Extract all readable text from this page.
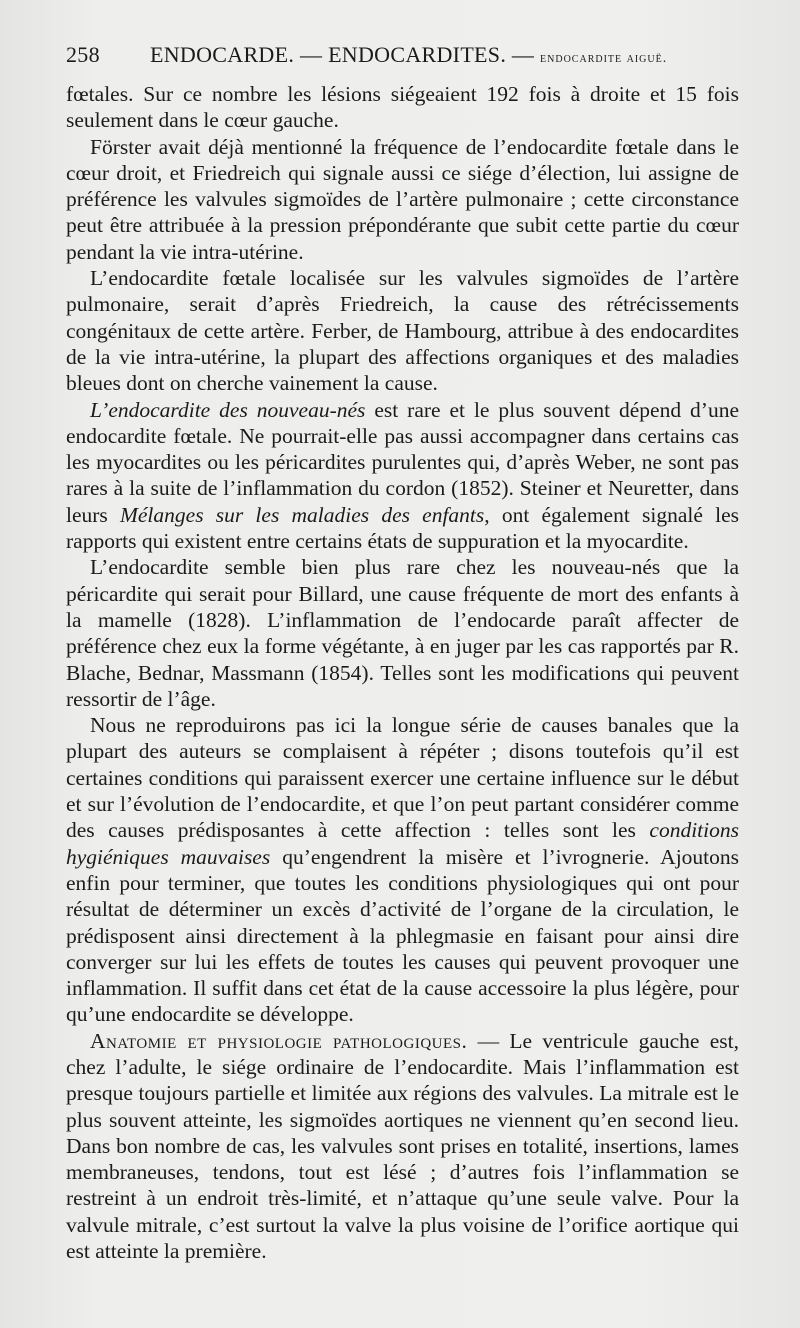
258 ENDOCARDE. — ENDOCARDITES. — endocardite aiguë.

fœtales. Sur ce nombre les lésions siégeaient 192 fois à droite et 15 fois seulement dans le cœur gauche.

Förster avait déjà mentionné la fréquence de l’endocardite fœtale dans le cœur droit, et Friedreich qui signale aussi ce siége d’élection, lui assigne de préférence les valvules sigmoïdes de l’artère pulmonaire ; cette circonstance peut être attribuée à la pression prépondérante que subit cette partie du cœur pendant la vie intra-utérine.

L’endocardite fœtale localisée sur les valvules sigmoïdes de l’artère pulmonaire, serait d’après Friedreich, la cause des rétrécissements congénitaux de cette artère. Ferber, de Hambourg, attribue à des endocardites de la vie intra-utérine, la plupart des affections organiques et des maladies bleues dont on cherche vainement la cause.

L’endocardite des nouveau-nés est rare et le plus souvent dépend d’une endocardite fœtale. Ne pourrait-elle pas aussi accompagner dans certains cas les myocardites ou les péricardites purulentes qui, d’après Weber, ne sont pas rares à la suite de l’inflammation du cordon (1852). Steiner et Neuretter, dans leurs Mélanges sur les maladies des enfants, ont également signalé les rapports qui existent entre certains états de suppuration et la myocardite.

L’endocardite semble bien plus rare chez les nouveau-nés que la péricardite qui serait pour Billard, une cause fréquente de mort des enfants à la mamelle (1828). L’inflammation de l’endocarde paraît affecter de préférence chez eux la forme végétante, à en juger par les cas rapportés par R. Blache, Bednar, Massmann (1854). Telles sont les modifications qui peuvent ressortir de l’âge.

Nous ne reproduirons pas ici la longue série de causes banales que la plupart des auteurs se complaisent à répéter ; disons toutefois qu’il est certaines conditions qui paraissent exercer une certaine influence sur le début et sur l’évolution de l’endocardite, et que l’on peut partant considérer comme des causes prédisposantes à cette affection : telles sont les conditions hygiéniques mauvaises qu’engendrent la misère et l’ivrognerie. Ajoutons enfin pour terminer, que toutes les conditions physiologiques qui ont pour résultat de déterminer un excès d’activité de l’organe de la circulation, le prédisposent ainsi directement à la phlegmasie en faisant pour ainsi dire converger sur lui les effets de toutes les causes qui peuvent provoquer une inflammation. Il suffit dans cet état de la cause accessoire la plus légère, pour qu’une endocardite se développe.

Anatomie et physiologie pathologiques. — Le ventricule gauche est, chez l’adulte, le siége ordinaire de l’endocardite. Mais l’inflammation est presque toujours partielle et limitée aux régions des valvules. La mitrale est le plus souvent atteinte, les sigmoïdes aortiques ne viennent qu’en second lieu. Dans bon nombre de cas, les valvules sont prises en totalité, insertions, lames membraneuses, tendons, tout est lésé ; d’autres fois l’inflammation se restreint à un endroit très-limité, et n’attaque qu’une seule valve. Pour la valvule mitrale, c’est surtout la valve la plus voisine de l’orifice aortique qui est atteinte la première.
